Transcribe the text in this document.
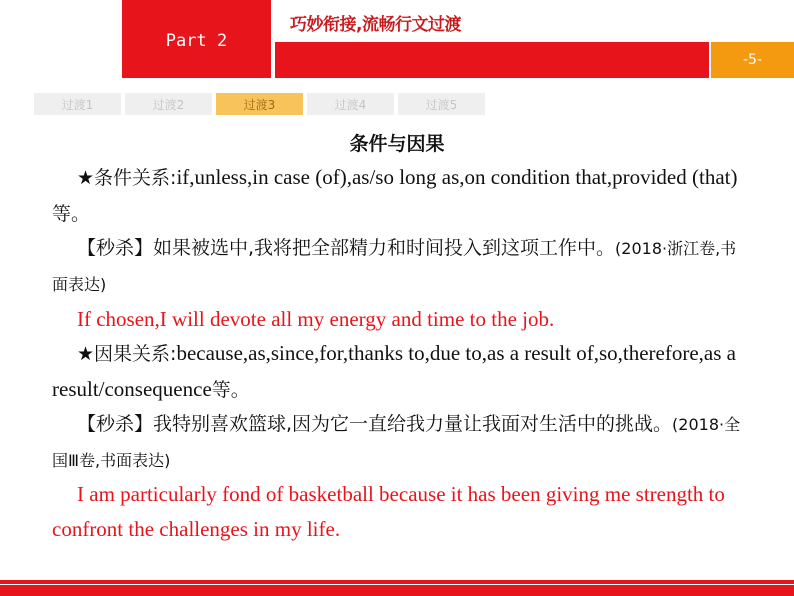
Part 2
巧妙衔接,流畅行文过渡
-5-
过渡1	过渡2	过渡3	过渡4	过渡5
条件与因果

★条件关系:if,unless,in case (of),as/so long as,on condition that,provided (that)等。

【秒杀】如果被选中,我将把全部精力和时间投入到这项工作中。(2018·浙江卷,书面表达)

If chosen,I will devote all my energy and time to the job.

★因果关系:because,as,since,for,thanks to,due to,as a result of,so,therefore,as a result/consequence等。

【秒杀】我特别喜欢篮球,因为它一直给我力量让我面对生活中的挑战。(2018·全国Ⅲ卷,书面表达)

I am particularly fond of basketball because it has been giving me strength to confront the challenges in my life.
